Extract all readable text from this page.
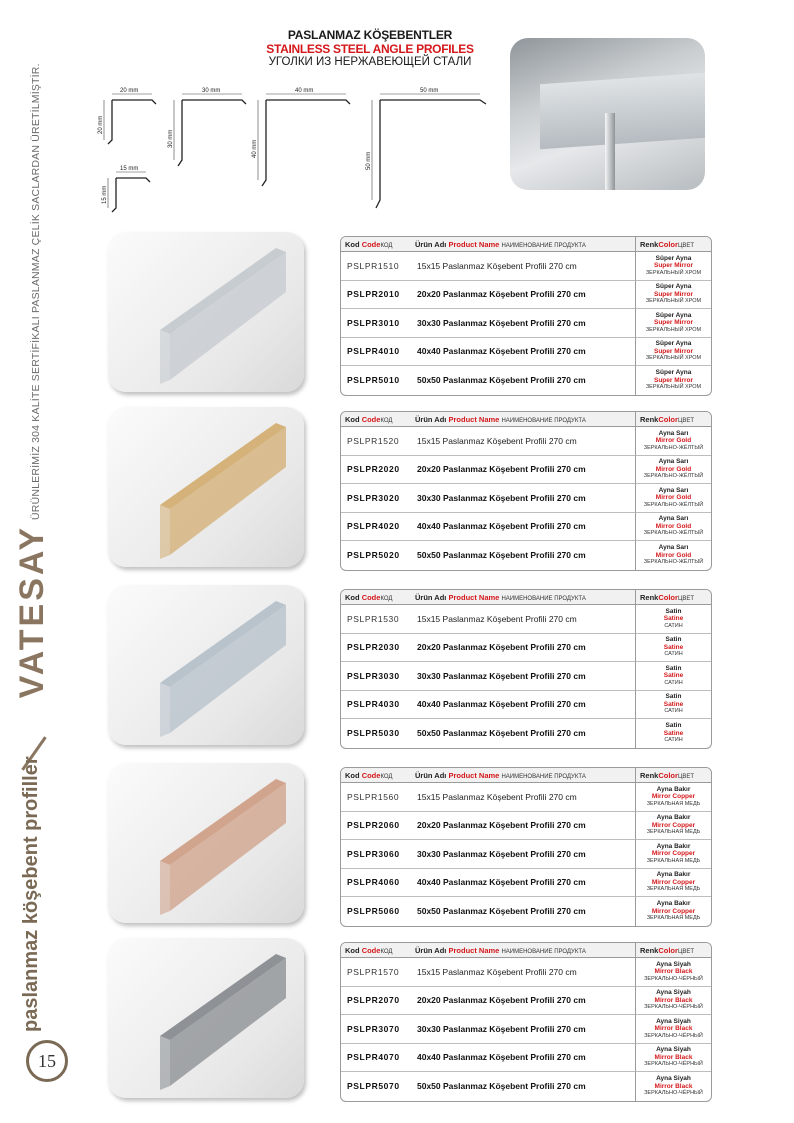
PASLANMAZ KÖŞEBENTLER
STAINLESS STEEL ANGLE PROFILES
УГОЛКИ ИЗ НЕРЖАВЕЮЩЕЙ СТАЛИ
20 mm	30 mm	40 mm	50 mm
15 mm
20 mm
30 mm
40 mm
50 mm
15 mm
ÜRÜNLERİMİZ 304 KALİTE SERTİFİKALI PASLANMAZ ÇELİK SACLARDAN ÜRETİLMİŞTİR.
VATESAY
paslanmaz köşebent profiller
15
Kod CodeКОД	Ürün Adı Product Name НАИМЕНОВАНИЕ ПРОДУКТА	RenkColorЦВЕТ
PSLPR1510	15x15 Paslanmaz Köşebent Profili 270 cm	Süper Ayna
Super Mirror
ЗЕРКАЛЬНЫЙ ХРОМ

PSLPR2010	20x20 Paslanmaz Köşebent Profili 270 cm	Süper Ayna
Super Mirror
ЗЕРКАЛЬНЫЙ ХРОМ

PSLPR3010	30x30 Paslanmaz Köşebent Profili 270 cm	Süper Ayna
Super Mirror
ЗЕРКАЛЬНЫЙ ХРОМ

PSLPR4010	40x40 Paslanmaz Köşebent Profili 270 cm	Süper Ayna
Super Mirror
ЗЕРКАЛЬНЫЙ ХРОМ

PSLPR5010	50x50 Paslanmaz Köşebent Profili 270 cm	Süper Ayna
Super Mirror
ЗЕРКАЛЬНЫЙ ХРОМ
Kod CodeКОД	Ürün Adı Product Name НАИМЕНОВАНИЕ ПРОДУКТА	RenkColorЦВЕТ
PSLPR1520	15x15 Paslanmaz Köşebent Profili 270 cm	Ayna Sarı
Mirror Gold
ЗЕРКАЛЬНО-ЖЁЛТЫЙ

PSLPR2020	20x20 Paslanmaz Köşebent Profili 270 cm	Ayna Sarı
Mirror Gold
ЗЕРКАЛЬНО-ЖЁЛТЫЙ

PSLPR3020	30x30 Paslanmaz Köşebent Profili 270 cm	Ayna Sarı
Mirror Gold
ЗЕРКАЛЬНО-ЖЁЛТЫЙ

PSLPR4020	40x40 Paslanmaz Köşebent Profili 270 cm	Ayna Sarı
Mirror Gold
ЗЕРКАЛЬНО-ЖЁЛТЫЙ

PSLPR5020	50x50 Paslanmaz Köşebent Profili 270 cm	Ayna Sarı
Mirror Gold
ЗЕРКАЛЬНО-ЖЁЛТЫЙ
Kod CodeКОД	Ürün Adı Product Name НАИМЕНОВАНИЕ ПРОДУКТА	RenkColorЦВЕТ
PSLPR1530	15x15 Paslanmaz Köşebent Profili 270 cm	Satin
Satine
САТИН

PSLPR2030	20x20 Paslanmaz Köşebent Profili 270 cm	Satin
Satine
САТИН

PSLPR3030	30x30 Paslanmaz Köşebent Profili 270 cm	Satin
Satine
САТИН

PSLPR4030	40x40 Paslanmaz Köşebent Profili 270 cm	Satin
Satine
САТИН

PSLPR5030	50x50 Paslanmaz Köşebent Profili 270 cm	Satin
Satine
САТИН
Kod CodeКОД	Ürün Adı Product Name НАИМЕНОВАНИЕ ПРОДУКТА	RenkColorЦВЕТ
PSLPR1560	15x15 Paslanmaz Köşebent Profili 270 cm	Ayna Bakır
Mirror Copper
ЗЕРКАЛЬНАЯ МЕДЬ

PSLPR2060	20x20 Paslanmaz Köşebent Profili 270 cm	Ayna Bakır
Mirror Copper
ЗЕРКАЛЬНАЯ МЕДЬ

PSLPR3060	30x30 Paslanmaz Köşebent Profili 270 cm	Ayna Bakır
Mirror Copper
ЗЕРКАЛЬНАЯ МЕДЬ

PSLPR4060	40x40 Paslanmaz Köşebent Profili 270 cm	Ayna Bakır
Mirror Copper
ЗЕРКАЛЬНАЯ МЕДЬ

PSLPR5060	50x50 Paslanmaz Köşebent Profili 270 cm	Ayna Bakır
Mirror Copper
ЗЕРКАЛЬНАЯ МЕДЬ
Kod CodeКОД	Ürün Adı Product Name НАИМЕНОВАНИЕ ПРОДУКТА	RenkColorЦВЕТ
PSLPR1570	15x15 Paslanmaz Köşebent Profili 270 cm	Ayna Siyah
Mirror Black
ЗЕРКАЛЬНО-ЧЁРНЫЙ

PSLPR2070	20x20 Paslanmaz Köşebent Profili 270 cm	Ayna Siyah
Mirror Black
ЗЕРКАЛЬНО-ЧЁРНЫЙ

PSLPR3070	30x30 Paslanmaz Köşebent Profili 270 cm	Ayna Siyah
Mirror Black
ЗЕРКАЛЬНО-ЧЁРНЫЙ

PSLPR4070	40x40 Paslanmaz Köşebent Profili 270 cm	Ayna Siyah
Mirror Black
ЗЕРКАЛЬНО-ЧЁРНЫЙ

PSLPR5070	50x50 Paslanmaz Köşebent Profili 270 cm	Ayna Siyah
Mirror Black
ЗЕРКАЛЬНО-ЧЁРНЫЙ
